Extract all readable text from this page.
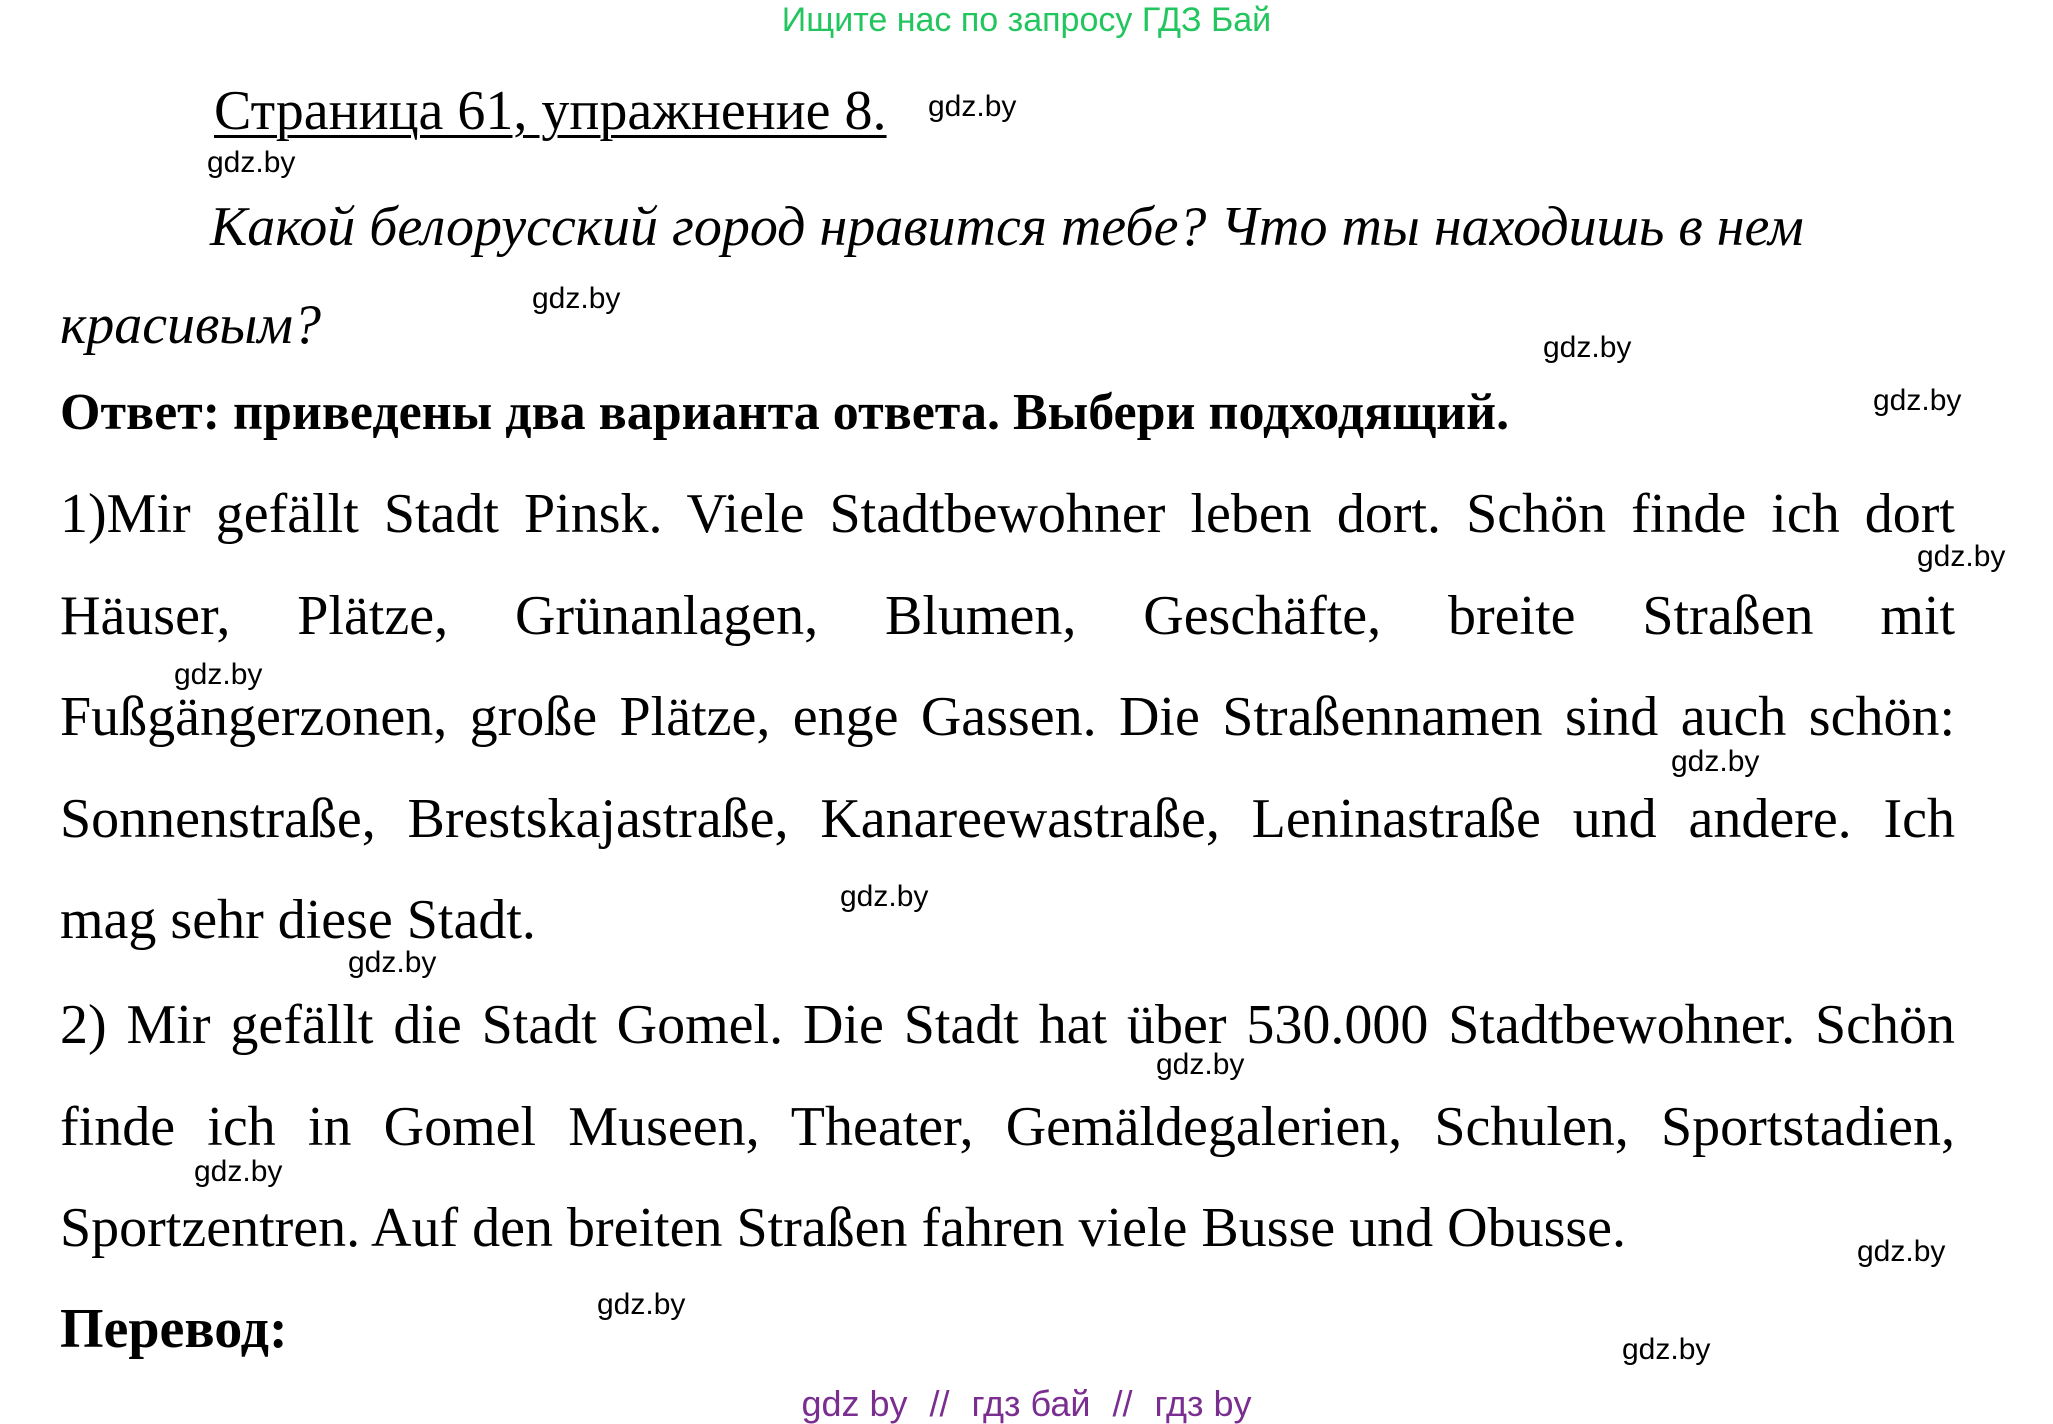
Ищите нас по запросу ГДЗ Бай
Страница 61, упражнение 8.
Какой белорусский город нравится тебе? Что ты находишь в нем красивым?
Ответ: приведены два варианта ответа. Выбери подходящий.
1)Mir gefällt Stadt Pinsk. Viele Stadtbewohner leben dort. Schön finde ich dort Häuser, Plätze, Grünanlagen, Blumen, Geschäfte, breite Straßen mit Fußgängerzonen, große Plätze, enge Gassen. Die Straßennamen sind auch schön: Sonnenstraße, Brestskajastraße, Kanareewastraße, Leninastraße und andere. Ich mag sehr diese Stadt.
2) Mir gefällt die Stadt Gomel. Die Stadt hat über 530.000 Stadtbewohner. Schön finde ich in Gomel Museen, Theater, Gemäldegalerien, Schulen, Sportstadien, Sportzentren. Auf den breiten Straßen fahren viele Busse und Obusse.
Перевод:
gdz.by
gdz.by
gdz.by
gdz.by
gdz.by
gdz.by
gdz.by
gdz.by
gdz.by
gdz.by
gdz.by
gdz.by
gdz.by
gdz.by
gdz.by
gdz by // гдз бай // гдз by
